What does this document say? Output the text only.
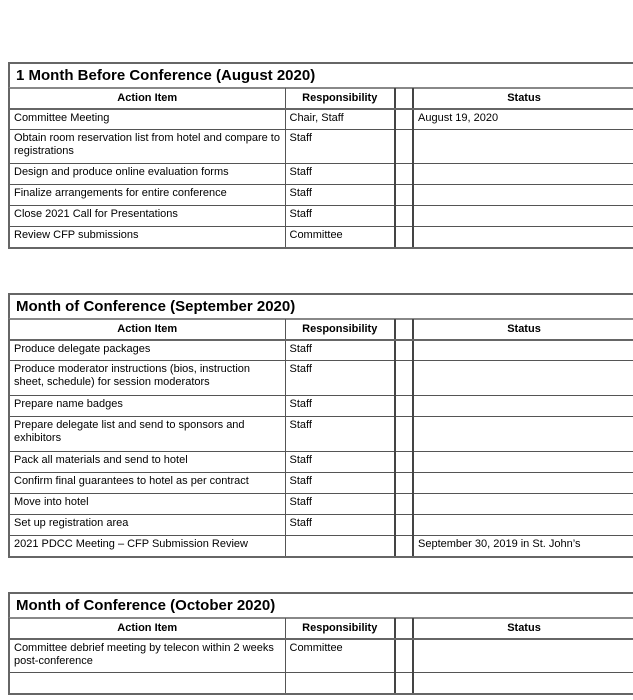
1 Month Before Conference (August 2020)
Action Item	Responsibility		Status
Committee Meeting	Chair, Staff		August 19, 2020
Obtain room reservation list from hotel and compare to registrations	Staff		
Design and produce online evaluation forms	Staff		
Finalize arrangements for entire conference	Staff		
Close 2021 Call for Presentations	Staff		
Review CFP submissions	Committee		
Month of Conference (September 2020)
Action Item	Responsibility		Status
Produce delegate packages	Staff		
Produce moderator instructions (bios, instruction sheet, schedule) for session moderators	Staff		
Prepare name badges	Staff		
Prepare delegate list and send to sponsors and exhibitors	Staff		
Pack all materials and send to hotel	Staff		
Confirm final guarantees to hotel as per contract	Staff		
Move into hotel	Staff		
Set up registration area	Staff		
2021 PDCC Meeting – CFP Submission Review			September 30, 2019 in St. John’s
Month of Conference (October 2020)
Action Item	Responsibility		Status
Committee debrief meeting by telecon within 2 weeks post-conference	Committee		
